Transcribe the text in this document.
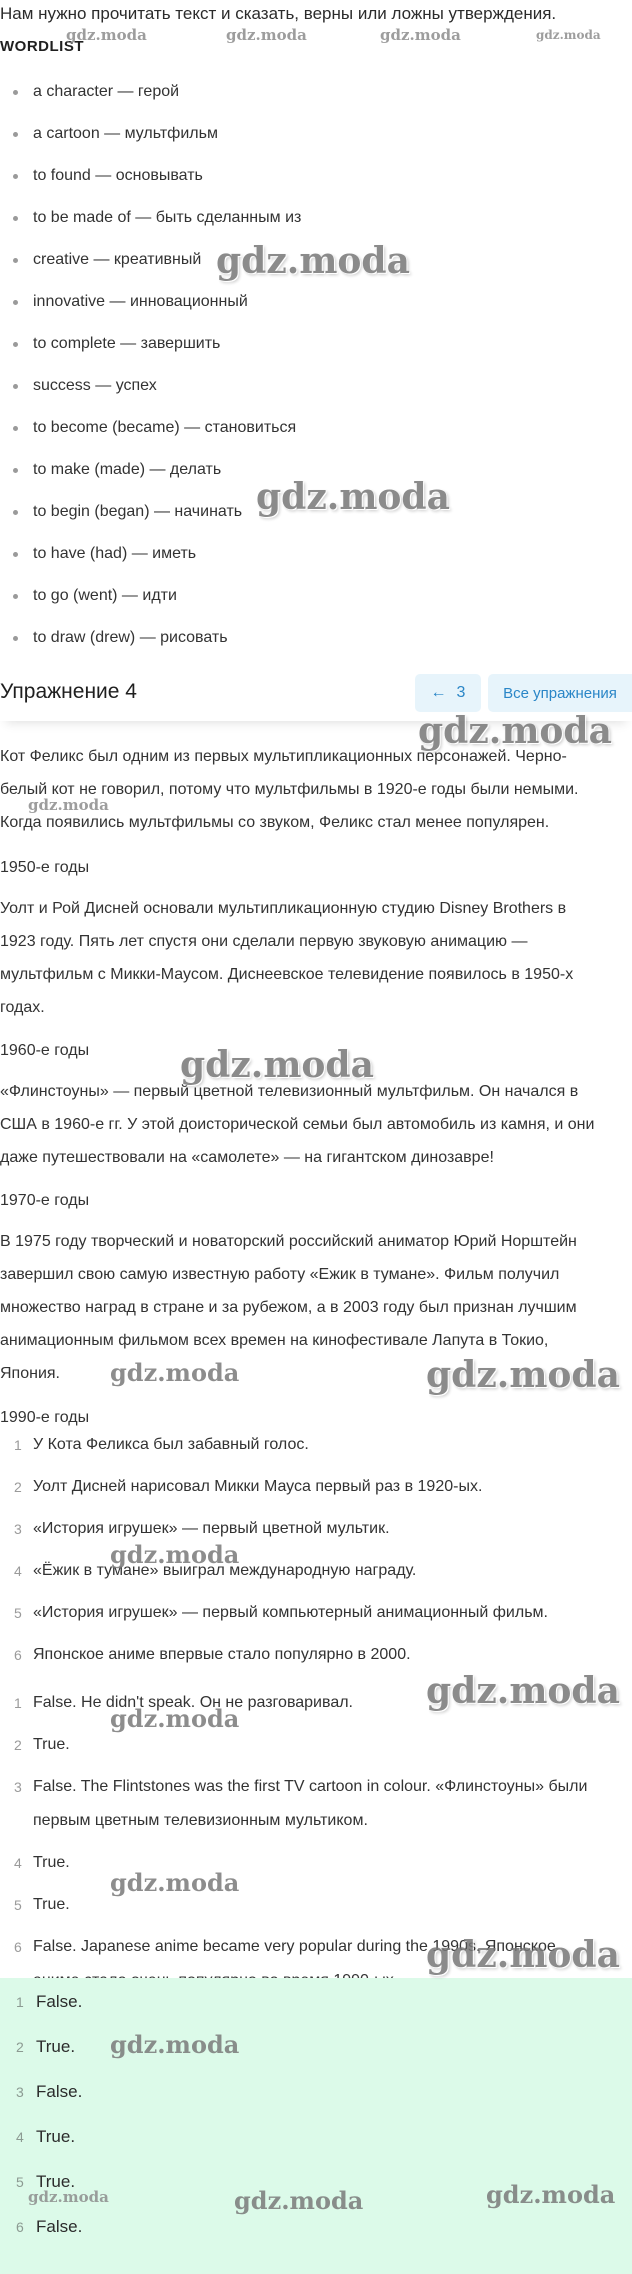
Нам нужно прочитать текст и сказать, верны или ложны утверждения.
WORDLIST
a character — герой
a cartoon — мультфильм
to found — основывать
to be made of — быть сделанным из
creative — креативный
innovative — инновационный
to complete — завершить
success — успех
to become (became) — становиться
to make (made) — делать
to begin (began) — начинать
to have (had) — иметь
to go (went) — идти
to draw (drew) — рисовать
Упражнение 4	← 3	Все упражнения

Кот Феликс был одним из первых мультипликационных персонажей. Черно-

белый кот не говорил, потому что мультфильмы в 1920-е годы были немыми.

Когда появились мультфильмы со звуком, Феликс стал менее популярен.

1950-е годы

Уолт и Рой Дисней основали мультипликационную студию Disney Brothers в

1923 году. Пять лет спустя они сделали первую звуковую анимацию —

мультфильм с Микки-Маусом. Диснеевское телевидение появилось в 1950-х

годах.

1960-е годы

«Флинстоуны» — первый цветной телевизионный мультфильм. Он начался в

США в 1960-е гг. У этой доисторической семьи был автомобиль из камня, и они

даже путешествовали на «самолете» — на гигантском динозавре!

1970-е годы

В 1975 году творческий и новаторский российский аниматор Юрий Норштейн

завершил свою самую известную работу «Ежик в тумане». Фильм получил

множество наград в стране и за рубежом, а в 2003 году был признан лучшим

анимационным фильмом всех времен на кинофестивале Лапута в Токио,

Япония.

1990-е годы
1 У Кота Феликса был забавный голос.
2 Уолт Дисней нарисовал Микки Мауса первый раз в 1920-ых.
3 «История игрушек» — первый цветной мультик.
4 «Ёжик в тумане» выиграл международную награду.
5 «История игрушек» — первый компьютерный анимационный фильм.
6 Японское аниме впервые стало популярно в 2000.
1 False. He didn't speak. Он не разговаривал.
2 True.
3 False. The Flintstones was the first TV cartoon in colour. «Флинстоуны» были
первым цветным телевизионным мультиком.
4 True.
5 True.
6 False. Japanese anime became very popular during the 1990s. Японское

1 False.
2 True.
3 False.
4 True.
5 True.
6 False.
gdz.moda	gdz.moda	gdz.moda	gdz.moda
gdz.moda
gdz.moda
gdz.moda
gdz.moda
gdz.moda
gdz.moda	gdz.moda
gdz.moda
gdz.moda
gdz.moda
gdz.moda
gdz.moda
gdz.moda
gdz.moda	gdz.moda	gdz.moda
